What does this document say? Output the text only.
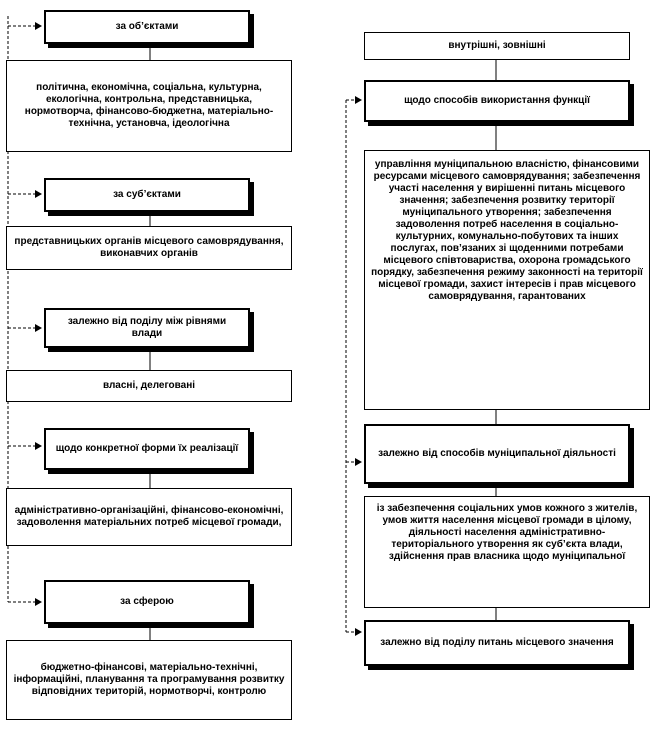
за об’єктами
політична, економічна, соціальна, культурна, екологічна, контрольна, представницька, нормотворча, фінансово-бюджетна, матеріально-технічна, установча, ідеологічна
за суб’єктами
представницьких органів місцевого самоврядування, виконавчих органів
залежно від поділу між рівнями влади
власні, делеговані
щодо конкретної форми їх реалізації
адміністративно-організаційні, фінансово-економічні, задоволення матеріальних потреб місцевої громади,
за сферою
бюджетно-фінансові, матеріально-технічні, інформаційні, планування та програмування розвитку відповідних територій, нормотворчі, контролю
внутрішні, зовнішні
щодо способів використання функції
управління муніципальною власністю, фінансовими ресурсами місцевого самоврядування; забезпечення участі населення у вирішенні питань місцевого значення; забезпечення розвитку території муніципального утворення; забезпечення задоволення потреб населення в соціально-культурних, комунально-побутових та інших послугах, пов’язаних зі щоденними потребами місцевого співтовариства, охорона громадського порядку, забезпечення режиму законності на території місцевої громади, захист інтересів і прав місцевого самоврядування, гарантованих
залежно від способів муніципальної діяльності
із забезпечення соціальних умов кожного з жителів, умов життя населення місцевої громади в цілому, діяльності населення адміністративно-територіального утворення як суб’єкта влади, здійснення прав власника щодо муніципальної
залежно від поділу питань місцевого значення
